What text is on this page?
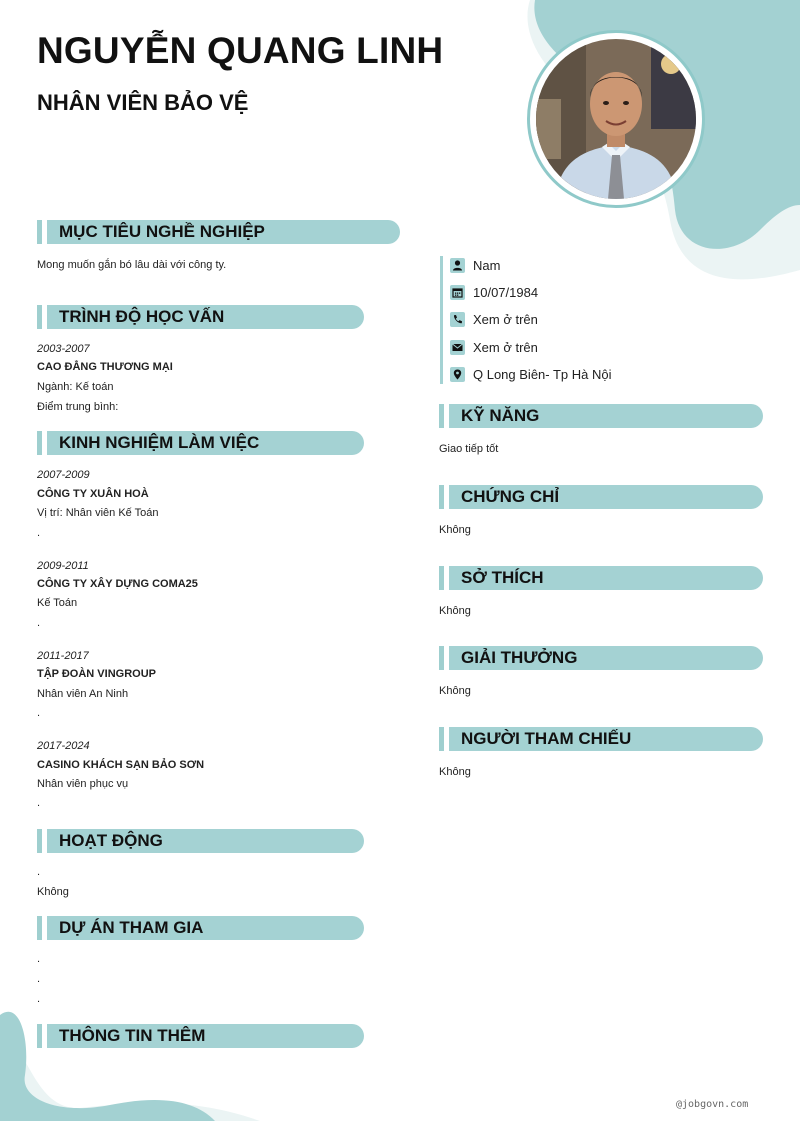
NGUYỄN QUANG LINH
NHÂN VIÊN BẢO VỆ
MỤC TIÊU NGHỀ NGHIỆP
Mong muốn gắn bó lâu dài với công ty.
TRÌNH ĐỘ HỌC VẤN
2003-2007
CAO ĐẲNG THƯƠNG MẠI
Ngành: Kế toán
Điểm trung bình:
KINH NGHIỆM LÀM VIỆC
2007-2009
CÔNG TY XUÂN HOÀ
Vị trí: Nhân viên Kế Toán
.
2009-2011
CÔNG TY XÂY DỰNG COMA25
Kế Toán
.
2011-2017
TẬP ĐOÀN VINGROUP
Nhân viên An Ninh
.
2017-2024
CASINO KHÁCH SẠN BẢO SƠN
Nhân viên phục vụ
.
HOẠT ĐỘNG
.
Không
DỰ ÁN THAM GIA
.
.
.
THÔNG TIN THÊM
Nam
10/07/1984
Xem ở trên
Xem ở trên
Q Long Biên- Tp Hà Nội
KỸ NĂNG
Giao tiếp tốt
CHỨNG CHỈ
Không
SỞ THÍCH
Không
GIẢI THƯỞNG
Không
NGƯỜI THAM CHIẾU
Không
@jobgovn.com
